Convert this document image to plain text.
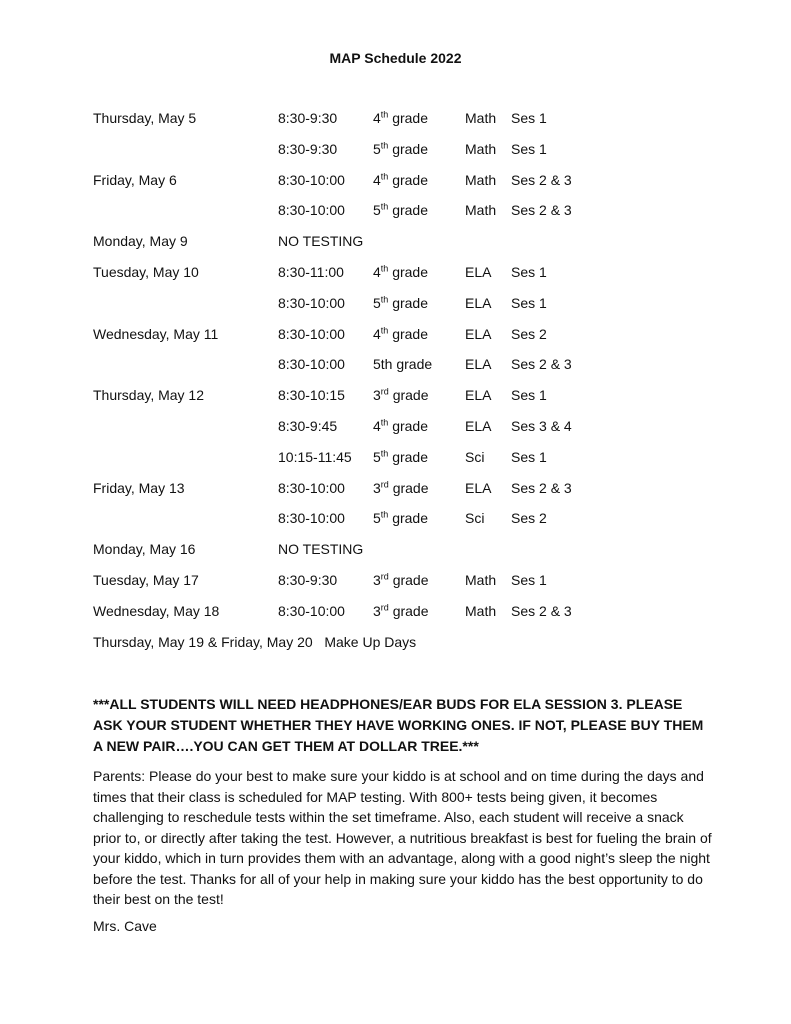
MAP Schedule 2022
Thursday, May 5	8:30-9:30	4th grade	Math Ses 1
8:30-9:30	5th grade	Math Ses 1
Friday, May 6	8:30-10:00 4th grade	Math Ses 2 & 3
8:30-10:00 5th grade	Math Ses 2 & 3
Monday, May 9	NO TESTING
Tuesday, May 10	8:30-11:00 4th grade	ELA Ses 1
8:30-10:00 5th grade	ELA Ses 1
Wednesday, May 11	8:30-10:00 4th grade	ELA Ses 2
8:30-10:00 5th grade ELA Ses 2 & 3
Thursday, May 12	8:30-10:15 3rd grade	ELA Ses 1
8:30-9:45	4th grade	ELA Ses 3 & 4
10:15-11:45 5th grade	Sci Ses 1
Friday, May 13	8:30-10:00 3rd grade	ELA Ses 2 & 3
8:30-10:00 5th grade	Sci Ses 2
Monday, May 16	NO TESTING
Tuesday, May 17	8:30-9:30	3rd grade	Math Ses 1
Wednesday, May 18	8:30-10:00 3rd grade	Math Ses 2 & 3
Thursday, May 19 & Friday, May 20   Make Up Days
***ALL STUDENTS WILL NEED HEADPHONES/EAR BUDS FOR ELA SESSION 3. PLEASE ASK YOUR STUDENT WHETHER THEY HAVE WORKING ONES. IF NOT, PLEASE BUY THEM A NEW PAIR….YOU CAN GET THEM AT DOLLAR TREE.***

Parents: Please do your best to make sure your kiddo is at school and on time during the days and times that their class is scheduled for MAP testing. With 800+ tests being given, it becomes challenging to reschedule tests within the set timeframe. Also, each student will receive a snack prior to, or directly after taking the test. However, a nutritious breakfast is best for fueling the brain of your kiddo, which in turn provides them with an advantage, along with a good night’s sleep the night before the test. Thanks for all of your help in making sure your kiddo has the best opportunity to do their best on the test!

Mrs. Cave
